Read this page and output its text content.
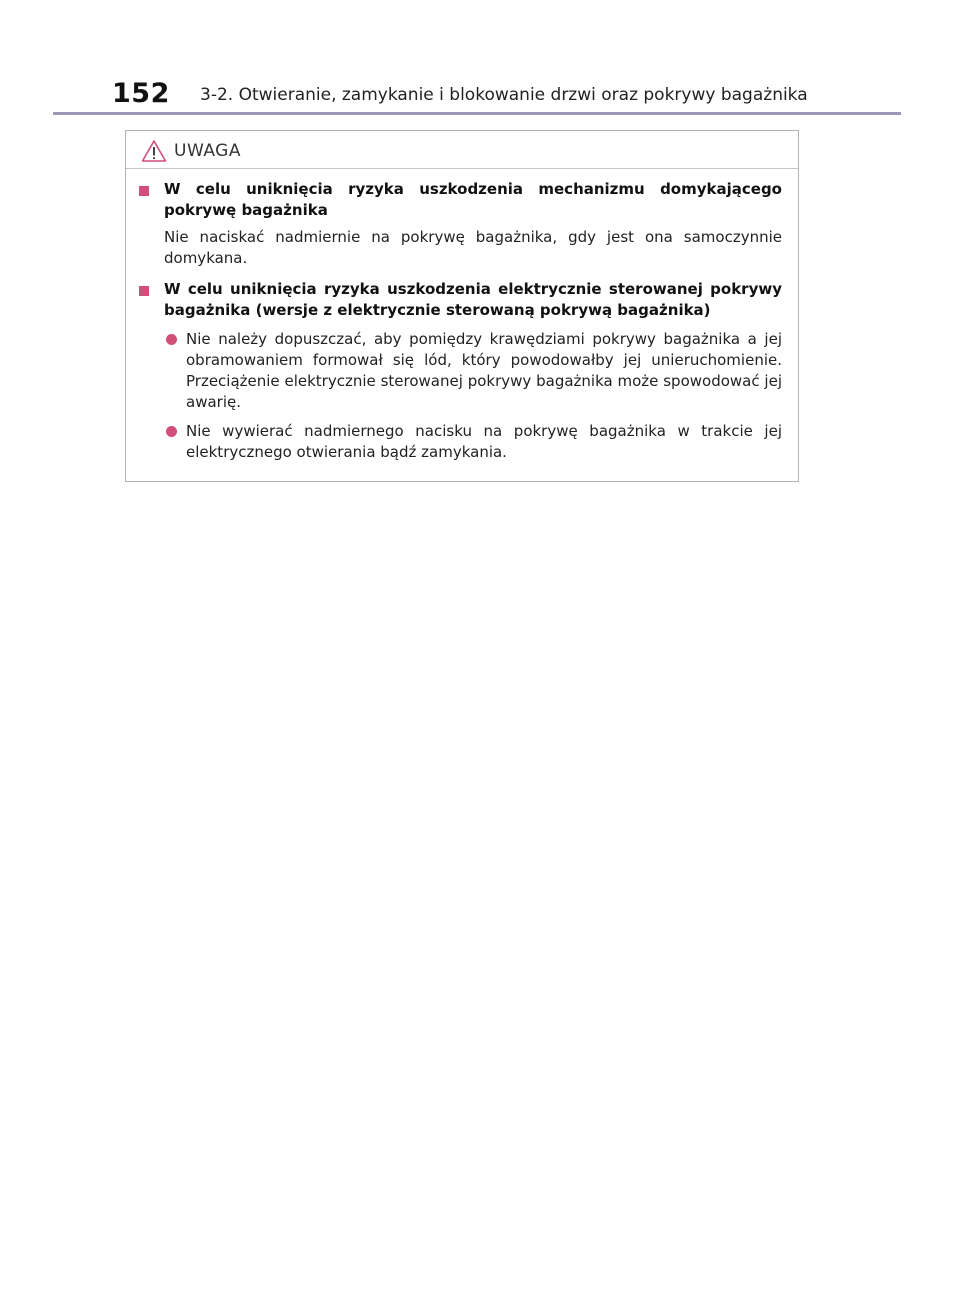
152 3-2. Otwieranie, zamykanie i blokowanie drzwi oraz pokrywy bagażnika
UWAGA
W celu uniknięcia ryzyka uszkodzenia mechanizmu domykającego pokrywę bagażnika
Nie naciskać nadmiernie na pokrywę bagażnika, gdy jest ona samoczynnie domykana.
W celu uniknięcia ryzyka uszkodzenia elektrycznie sterowanej pokrywy bagażnika (wersje z elektrycznie sterowaną pokrywą bagażnika)
Nie należy dopuszczać, aby pomiędzy krawędziami pokrywy bagażnika a jej obramowaniem formował się lód, który powodowałby jej unieruchomienie. Przeciążenie elektrycznie sterowanej pokrywy bagażnika może spowodować jej awarię.
Nie wywierać nadmiernego nacisku na pokrywę bagażnika w trakcie jej elektrycznego otwierania bądź zamykania.
